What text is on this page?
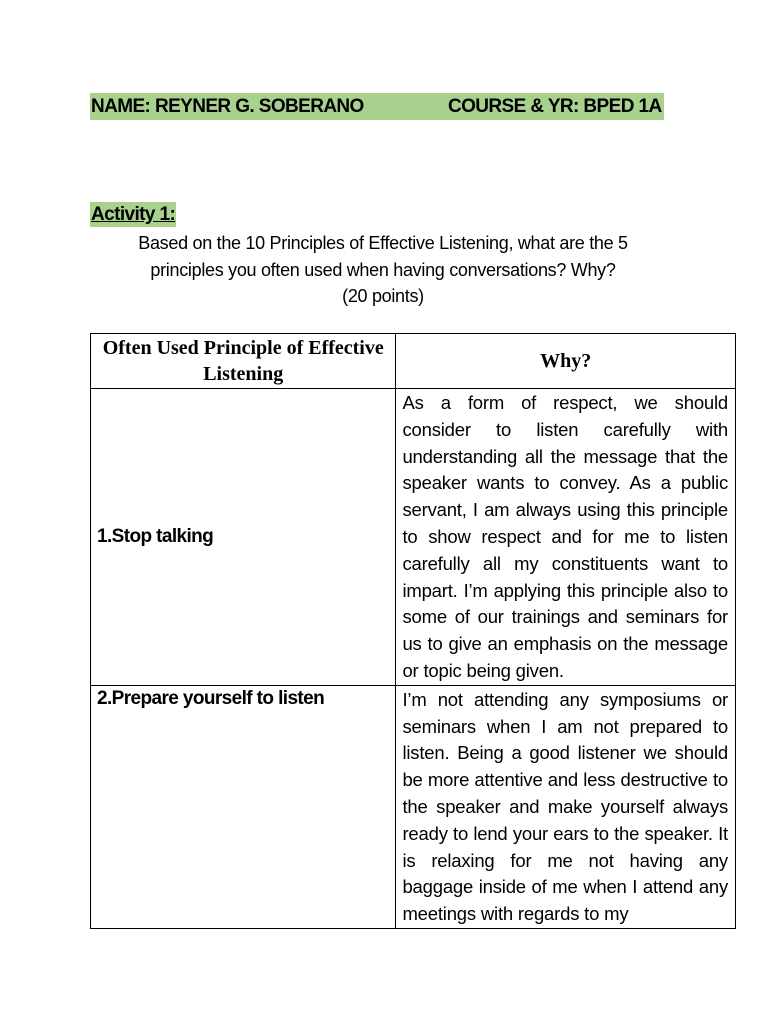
NAME: REYNER G. SOBERANO	COURSE & YR: BPED 1A
Activity 1:
Based on the 10 Principles of Effective Listening, what are the 5
principles you often used when having conversations? Why?
(20 points)
Often Used Principle of Effective Listening	Why?
1.Stop talking	As a form of respect, we should consider to listen carefully with understanding all the message that the speaker wants to convey. As a public servant, I am always using this principle to show respect and for me to listen carefully all my constituents want to impart. I’m applying this principle also to some of our trainings and seminars for us to give an emphasis on the message or topic being given.
2.Prepare yourself to listen	I’m not attending any symposiums or seminars when I am not prepared to listen. Being a good listener we should be more attentive and less destructive to the speaker and make yourself always ready to lend your ears to the speaker. It is relaxing for me not having any baggage inside of me when I attend any meetings with regards to my
